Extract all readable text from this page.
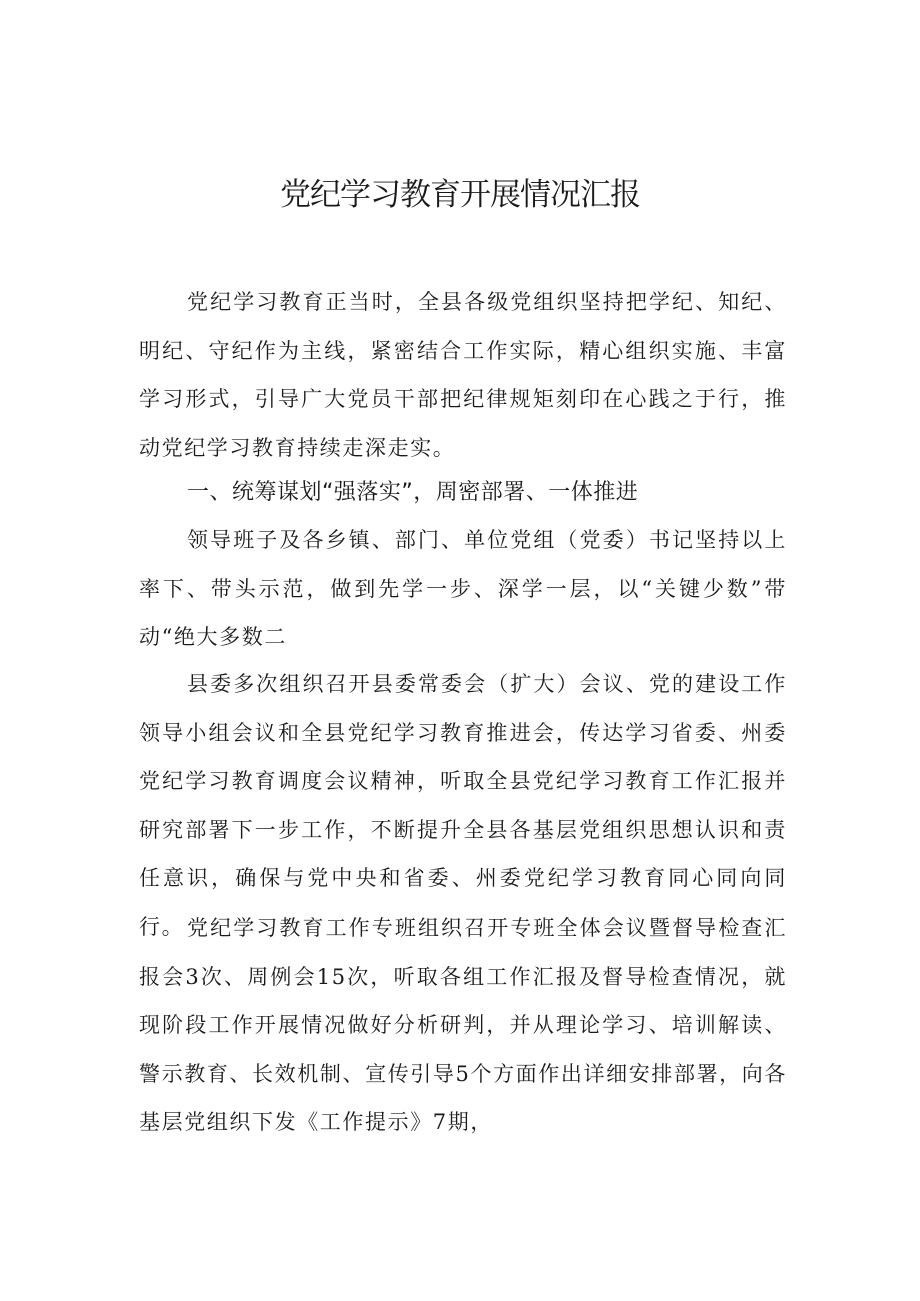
党纪学习教育开展情况汇报

党纪学习教育正当时，全县各级党组织坚持把学纪、知纪、明纪、守纪作为主线，紧密结合工作实际，精心组织实施、丰富学习形式，引导广大党员干部把纪律规矩刻印在心践之于行，推动党纪学习教育持续走深走实。

一、统筹谋划“强落实”，周密部署、一体推进

领导班子及各乡镇、部门、单位党组（党委）书记坚持以上率下、带头示范，做到先学一步、深学一层，以“关键少数”带动“绝大多数二

县委多次组织召开县委常委会（扩大）会议、党的建设工作领导小组会议和全县党纪学习教育推进会，传达学习省委、州委党纪学习教育调度会议精神，听取全县党纪学习教育工作汇报并研究部署下一步工作，不断提升全县各基层党组织思想认识和责任意识，确保与党中央和省委、州委党纪学习教育同心同向同行。 党纪学习教育工作专班组织召开专班全体会议暨督导检查汇报会3次、周例会15次，听取各组工作汇报及督导检查情况，就现阶段工作开展情况做好分析研判，并从理论学习、培训解读、警示教育、长效机制、宣传引导5个方面作出详细安排部署，向各基层党组织下发《工作提示》7期，
